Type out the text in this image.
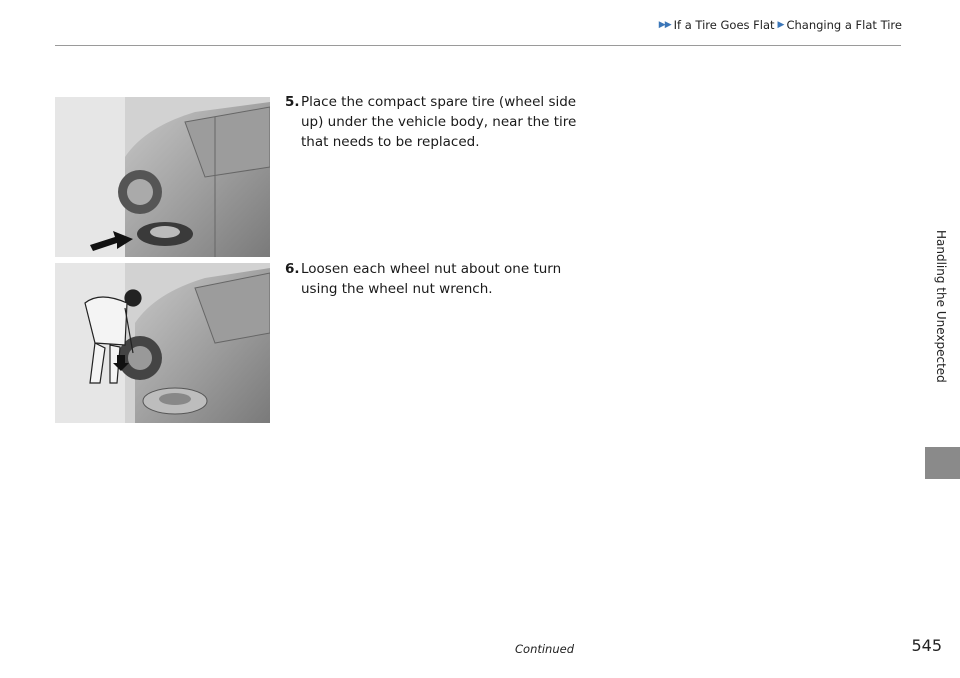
▶▶ If a Tire Goes Flat ▶ Changing a Flat Tire
Handling the Unexpected
5. Place the compact spare tire (wheel side up) under the vehicle body, near the tire that needs to be replaced.
6. Loosen each wheel nut about one turn using the wheel nut wrench.
Continued	545
